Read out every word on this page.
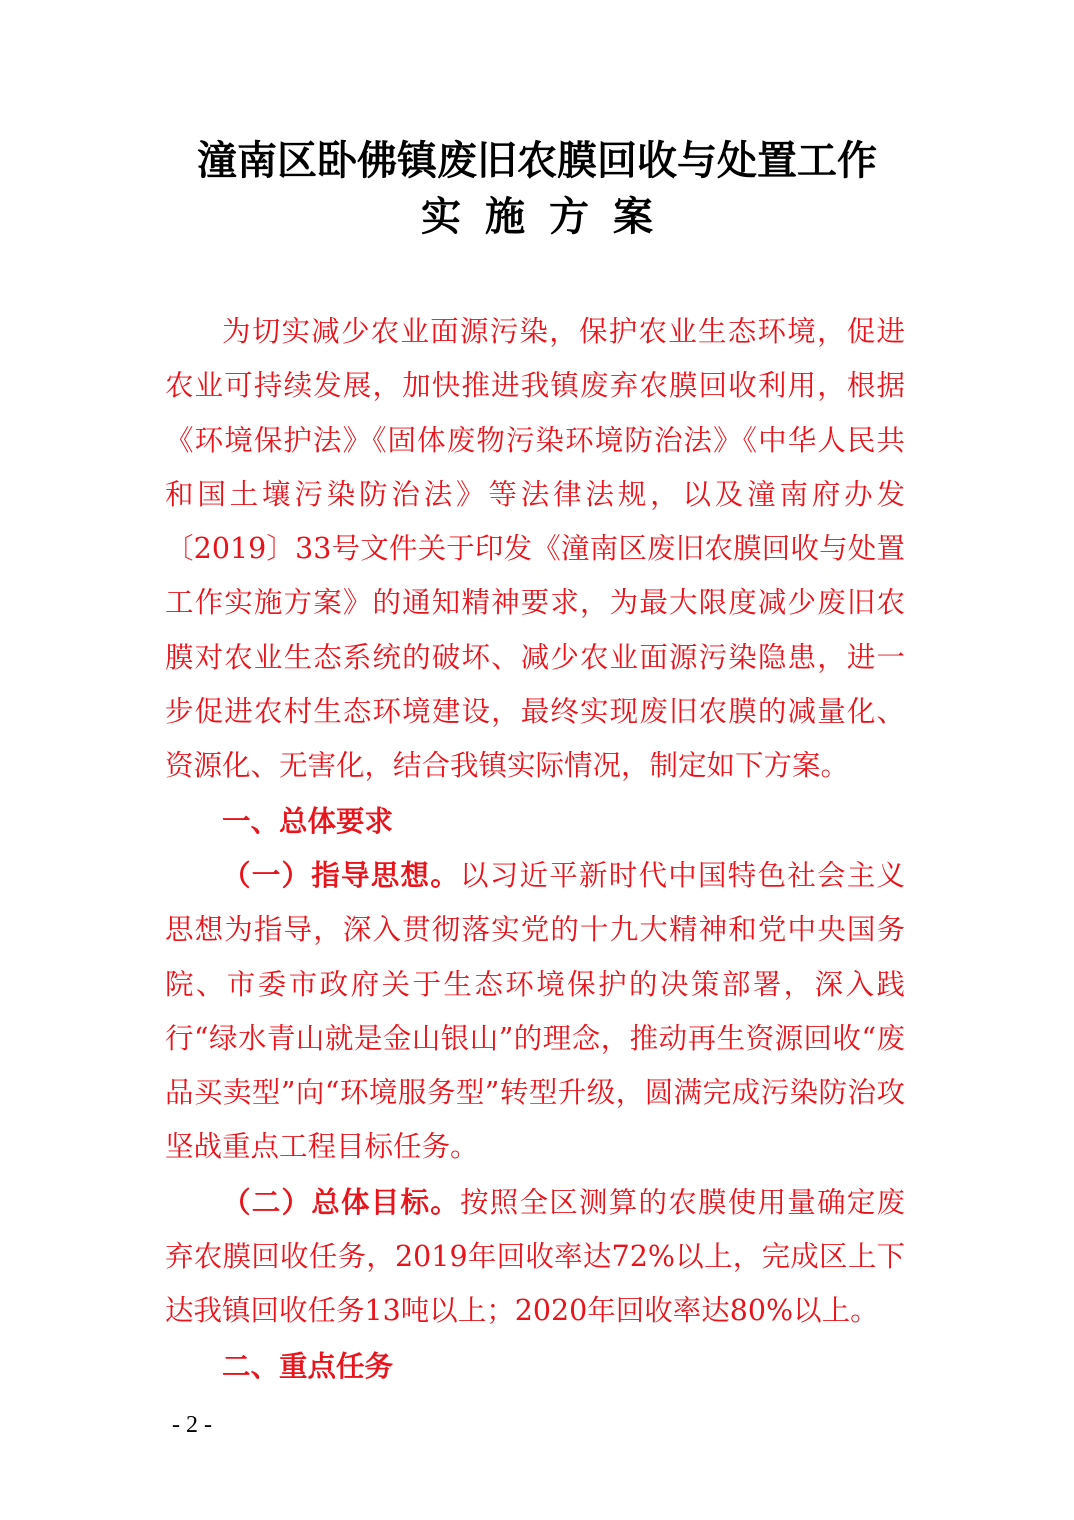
潼南区卧佛镇废旧农膜回收与处置工作
实施方案

为切实减少农业面源污染，保护农业生态环境，促进农业可持续发展，加快推进我镇废弃农膜回收利用，根据《环境保护法》《固体废物污染环境防治法》《中华人民共和国土壤污染防治法》等法律法规，以及潼南府办发〔2019〕33号文件关于印发《潼南区废旧农膜回收与处置工作实施方案》的通知精神要求，为最大限度减少废旧农膜对农业生态系统的破坏、减少农业面源污染隐患，进一步促进农村生态环境建设，最终实现废旧农膜的减量化、资源化、无害化，结合我镇实际情况，制定如下方案。

一、总体要求

（一）指导思想。以习近平新时代中国特色社会主义思想为指导，深入贯彻落实党的十九大精神和党中央国务院、市委市政府关于生态环境保护的决策部署，深入践行“绿水青山就是金山银山”的理念，推动再生资源回收“废品买卖型”向“环境服务型”转型升级，圆满完成污染防治攻坚战重点工程目标任务。

（二）总体目标。按照全区测算的农膜使用量确定废弃农膜回收任务，2019年回收率达72%以上，完成区上下达我镇回收任务13吨以上；2020年回收率达80%以上。

二、重点任务

- 2 -
